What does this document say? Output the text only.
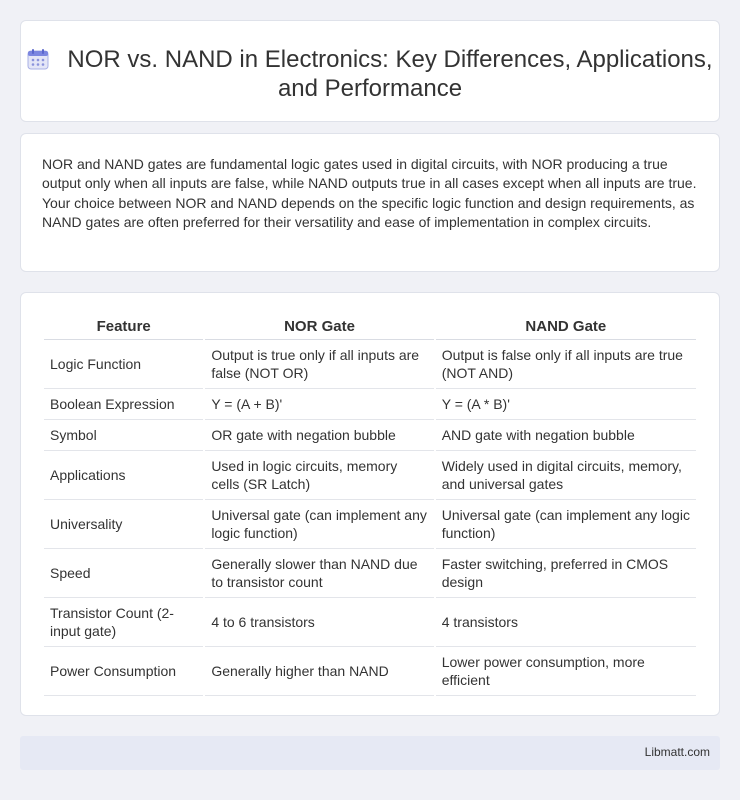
NOR vs. NAND in Electronics: Key Differences, Applications, and Performance
NOR and NAND gates are fundamental logic gates used in digital circuits, with NOR producing a true output only when all inputs are false, while NAND outputs true in all cases except when all inputs are true. Your choice between NOR and NAND depends on the specific logic function and design requirements, as NAND gates are often preferred for their versatility and ease of implementation in complex circuits.
Feature	NOR Gate	NAND Gate
Logic Function	Output is true only if all inputs are false (NOT OR)	Output is false only if all inputs are true (NOT AND)
Boolean Expression	Y = (A + B)'	Y = (A * B)'
Symbol	OR gate with negation bubble	AND gate with negation bubble
Applications	Used in logic circuits, memory cells (SR Latch)	Widely used in digital circuits, memory, and universal gates
Universality	Universal gate (can implement any logic function)	Universal gate (can implement any logic function)
Speed	Generally slower than NAND due to transistor count	Faster switching, preferred in CMOS design
Transistor Count (2-input gate)	4 to 6 transistors	4 transistors
Power Consumption	Generally higher than NAND	Lower power consumption, more efficient
Libmatt.com
